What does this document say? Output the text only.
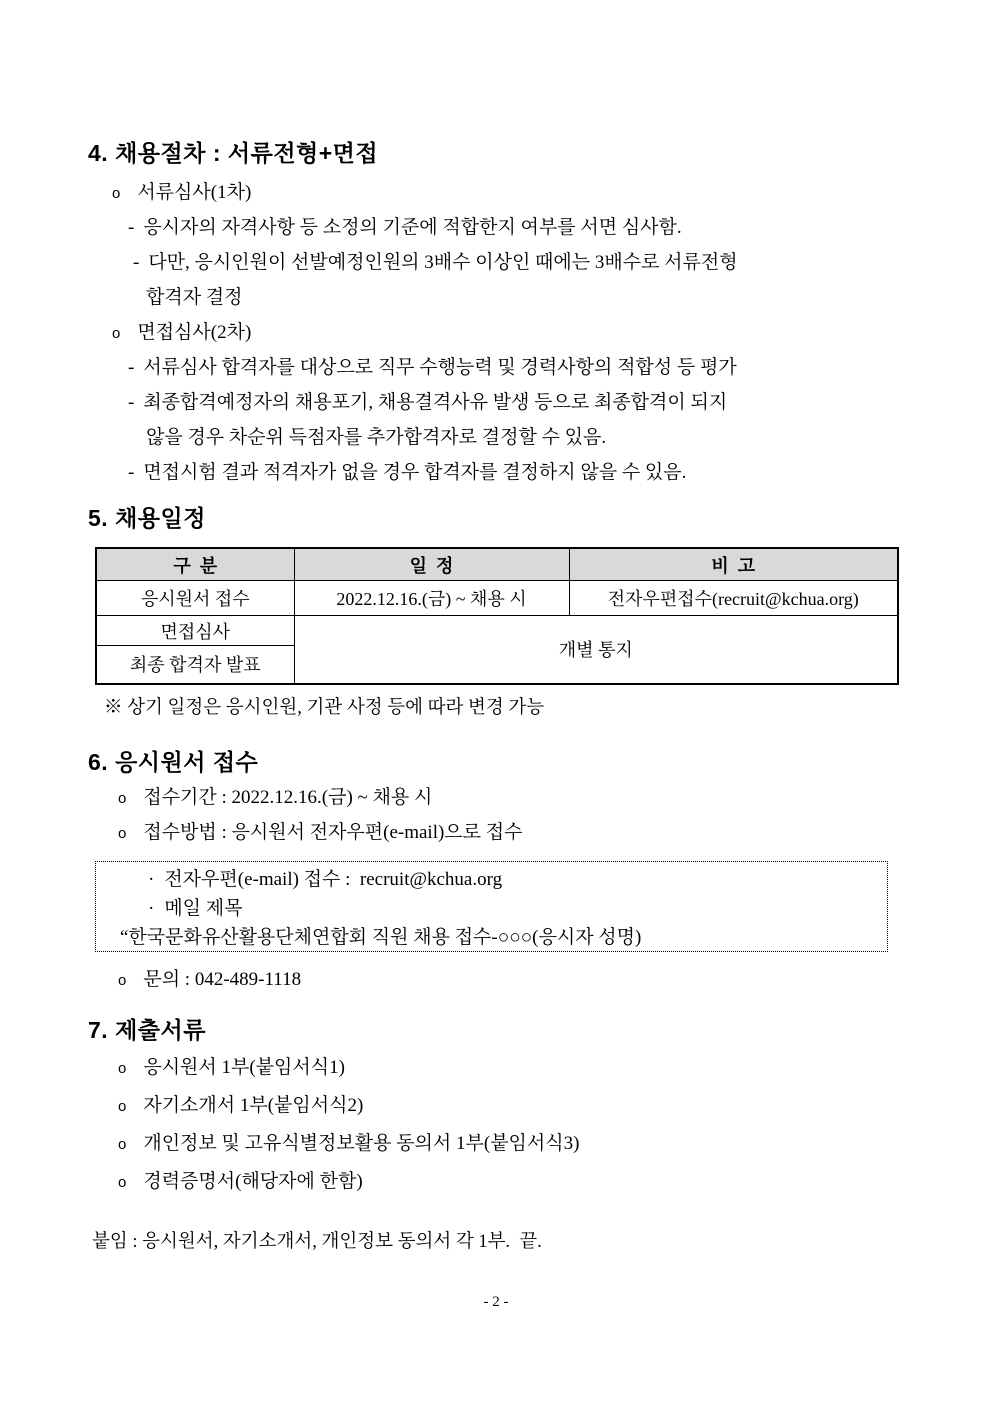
4. 채용절차 : 서류전형+면접
o 서류심사(1차)
- 응시자의 자격사항 등 소정의 기준에 적합한지 여부를 서면 심사함.
- 다만, 응시인원이 선발예정인원의 3배수 이상인 때에는 3배수로 서류전형
합격자 결정
o 면접심사(2차)
- 서류심사 합격자를 대상으로 직무 수행능력 및 경력사항의 적합성 등 평가
- 최종합격예정자의 채용포기, 채용결격사유 발생 등으로 최종합격이 되지
않을 경우 차순위 득점자를 추가합격자로 결정할 수 있음.
- 면접시험 결과 적격자가 없을 경우 합격자를 결정하지 않을 수 있음.
5. 채용일정
구  분	일  정	비  고
응시원서 접수	2022.12.16.(금) ~ 채용 시	전자우편접수(recruit@kchua.org)
면접심사	개별 통지	
최종 합격자 발표		
※ 상기 일정은 응시인원, 기관 사정 등에 따라 변경 가능
6. 응시원서 접수
o 접수기간 : 2022.12.16.(금) ~ 채용 시
o 접수방법 : 응시원서 전자우편(e-mail)으로 접수
· 전자우편(e-mail) 접수 :  recruit@kchua.org
· 메일 제목
“한국문화유산활용단체연합회 직원 채용 접수-○○○(응시자 성명)
o 문의 : 042-489-1118
7. 제출서류
o 응시원서 1부(붙임서식1)
o 자기소개서 1부(붙임서식2)
o 개인정보 및 고유식별정보활용 동의서 1부(붙임서식3)
o 경력증명서(해당자에 한함)
붙임 : 응시원서, 자기소개서, 개인정보 동의서 각 1부.  끝.
- 2 -
